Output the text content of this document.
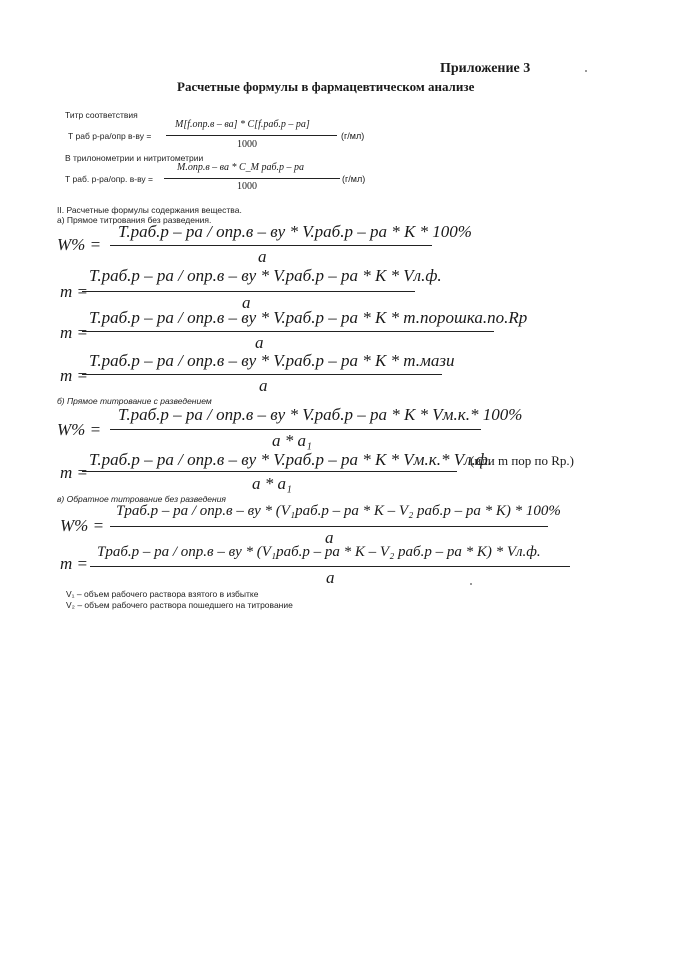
Приложение 3
Расчетные формулы в фармацевтическом анализе
Титр соответствия
Т раб р-ра/опр в-ву =
M[f.опр.в – ва] * C[f.раб.р – ра]
1000
(г/мл)
В трилонометрии и нитритометрии
Т раб. р-ра/опр. в-ву =
M.опр.в – ва * C_M раб.р – ра
1000
(г/мл)
II. Расчетные формулы содержания вещества.
а) Прямое титрования без разведения.
W% =
Т.раб.р – ра / опр.в – ву * V.раб.р – ра * K * 100%
a
m =
Т.раб.р – ра / опр.в – ву * V.раб.р – ра * K * Vл.ф.
a
m =
Т.раб.р – ра / опр.в – ву * V.раб.р – ра * K * т.порошка.по.Rp
a
m =
Т.раб.р – ра / опр.в – ву * V.раб.р – ра * K * т.мази
a
б) Прямое титрование с разведением
W% =
Т.раб.р – ра / опр.в – ву * V.раб.р – ра * K * Vм.к.* 100%
a * a₁
m =
Т.раб.р – ра / опр.в – ву * V.раб.р – ра * K * Vм.к.* Vл.ф.
a * a₁
(или m пор по Rp.)
в) Обратное титрование без разведения
W% =
Tраб.р – ра / опр.в – ву * (V₁раб.р – ра * K – V₂ раб.р – ра * K) * 100%
a
m =
Tраб.р – ра / опр.в – ву * (V₁раб.р – ра * K – V₂ раб.р – ра * K) * Vл.ф.
a
V₁ – объем рабочего раствора взятого в избытке
V₂ – объем рабочего раствора пошедшего на титрование
